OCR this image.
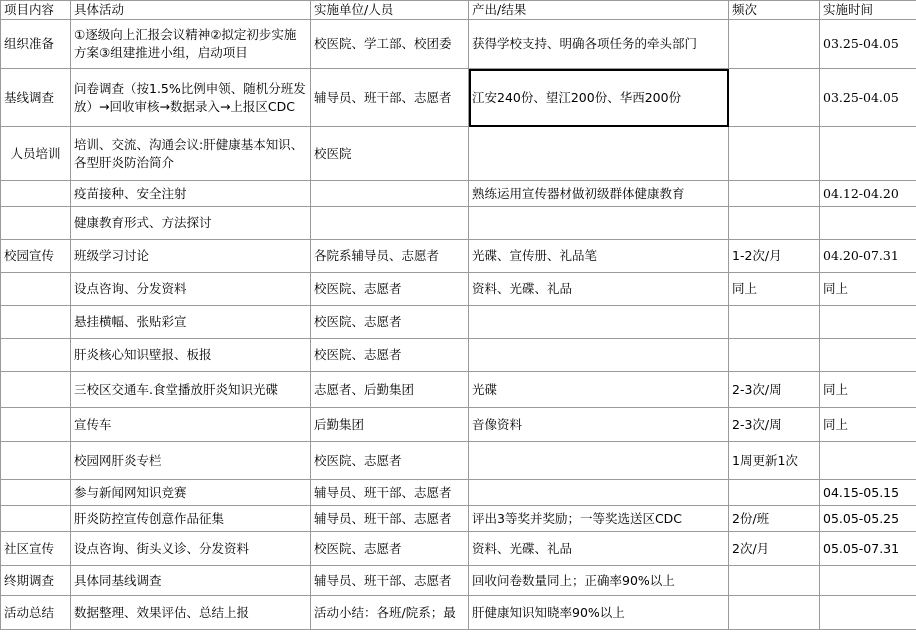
项目内容	具体活动	实施单位/人员	产出/结果	频次	实施时间
组织准备	①逐级向上汇报会议精神②拟定初步实施方案③组建推进小组，启动项目	校医院、学工部、校团委	获得学校支持、明确各项任务的牵头部门		03.25-04.05
基线调查	问卷调查（按1.5%比例申领、随机分班发放）→回收审核→数据录入→上报区CDC	辅导员、班干部、志愿者	江安240份、望江200份、华西200份		03.25-04.05
人员培训	培训、交流、沟通会议:肝健康基本知识、各型肝炎防治简介	校医院			
	疫苗接种、安全注射		熟练运用宣传器材做初级群体健康教育		04.12-04.20
	健康教育形式、方法探讨				
校园宣传	班级学习讨论	各院系辅导员、志愿者	光碟、宣传册、礼品笔	1-2次/月	04.20-07.31
	设点咨询、分发资料	校医院、志愿者	资料、光碟、礼品	同上	同上
	悬挂横幅、张贴彩宣	校医院、志愿者			
	肝炎核心知识壁报、板报	校医院、志愿者			
	三校区交通车.食堂播放肝炎知识光碟	志愿者、后勤集团	光碟	2-3次/周	同上
	宣传车	后勤集团	音像资料	2-3次/周	同上
	校园网肝炎专栏	校医院、志愿者		1周更新1次	
	参与新闻网知识竞赛	辅导员、班干部、志愿者			04.15-05.15
	肝炎防控宣传创意作品征集	辅导员、班干部、志愿者	评出3等奖并奖励；一等奖选送区CDC	2份/班	05.05-05.25
社区宣传	设点咨询、街头义诊、分发资料	校医院、志愿者	资料、光碟、礼品	2次/月	05.05-07.31
终期调查	具体同基线调查	辅导员、班干部、志愿者	回收问卷数量同上；正确率90%以上		
活动总结	数据整理、效果评估、总结上报	活动小结：各班/院系；最	肝健康知识知晓率90%以上		
